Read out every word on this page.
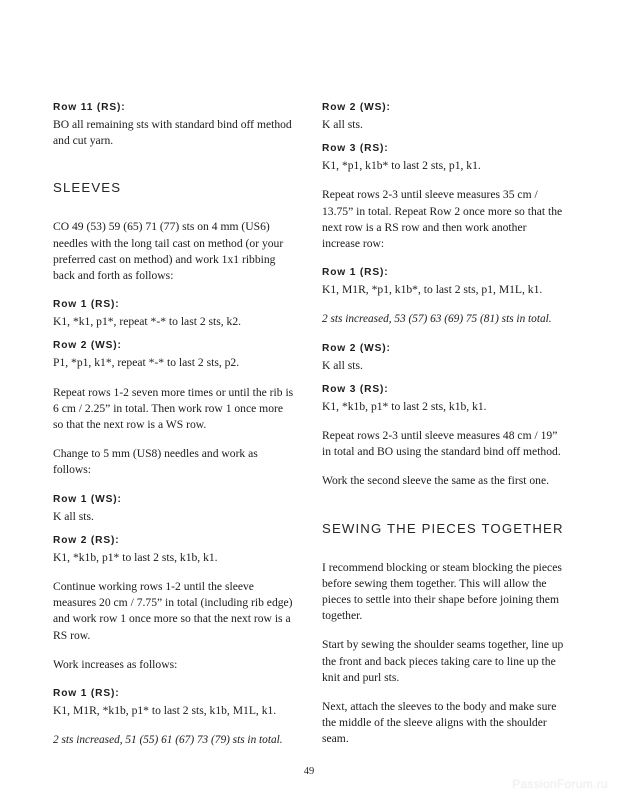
Row 11 (RS):

BO all remaining sts with standard bind off method and cut yarn.

SLEEVES

CO 49 (53) 59 (65) 71 (77) sts on 4 mm (US6) needles with the long tail cast on method (or your preferred cast on method) and work 1x1 ribbing back and forth as follows:

Row 1 (RS):

K1, *k1, p1*, repeat *-* to last 2 sts, k2.

Row 2 (WS):

P1, *p1, k1*, repeat *-* to last 2 sts, p2.

Repeat rows 1-2 seven more times or until the rib is 6 cm / 2.25” in total. Then work row 1 once more so that the next row is a WS row.

Change to 5 mm (US8) needles and work as follows:

Row 1 (WS):

K all sts.

Row 2 (RS):

K1, *k1b, p1* to last 2 sts, k1b, k1.

Continue working rows 1-2 until the sleeve measures 20 cm / 7.75” in total (including rib edge) and work row 1 once more so that the next row is a RS row.

Work increases as follows:

Row 1 (RS):

K1, M1R, *k1b, p1* to last 2 sts, k1b, M1L, k1.

2 sts increased, 51 (55) 61 (67) 73 (79) sts in total.

Row 2 (WS):

K all sts.

Row 3 (RS):

K1, *p1, k1b* to last 2 sts, p1, k1.

Repeat rows 2-3 until sleeve measures 35 cm / 13.75” in total. Repeat Row 2 once more so that the next row is a RS row and then work another increase row:

Row 1 (RS):

K1, M1R, *p1, k1b*, to last 2 sts, p1, M1L, k1.

2 sts increased, 53 (57) 63 (69) 75 (81) sts in total.

Row 2 (WS):

K all sts.

Row 3 (RS):

K1, *k1b, p1* to last 2 sts, k1b, k1.

Repeat rows 2-3 until sleeve measures 48 cm / 19” in total and BO using the standard bind off method.

Work the second sleeve the same as the first one.

SEWING THE PIECES TOGETHER

I recommend blocking or steam blocking the pieces before sewing them together. This will allow the pieces to settle into their shape before joining them together.

Start by sewing the shoulder seams together, line up the front and back pieces taking care to line up the knit and purl sts.

Next, attach the sleeves to the body and make sure the middle of the sleeve aligns with the shoulder seam.

49
PassionForum.ru
